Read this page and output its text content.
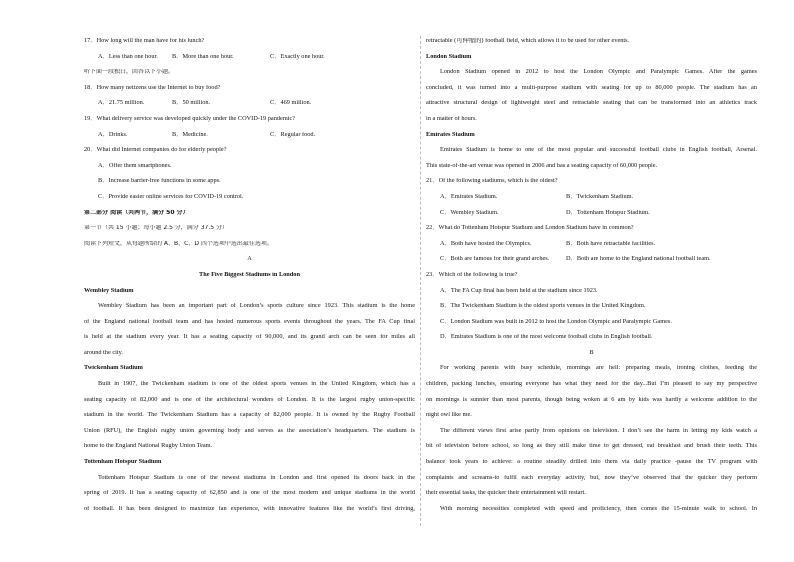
17．How long will the man have for his lunch?
A．Less than one hour.	B．More than one hour.	C．Exactly one hour.
听下面一段独白，回答以下小题。
18．How many netizens use the Internet to buy food?
A．21.75 million.	B．50 million.	C．469 million.
19．What delivery service was developed quickly under the COVID-19 pandemic?
A．Drinks.	B．Medicine.	C．Regular food.
20．What did Internet companies do for elderly people?
A．Offer them smartphones.
B．Increase barrier-free functions in some apps.
C．Provide easier online services for COVID-19 control.
第二部分 阅读（共两节，满分 50 分）
第一节（共 15 小题；每小题 2.5 分，满分 37.5 分）
阅读下列短文，从每题所给的 A、B、C、D 四个选项中选出最佳选项。
A
The Five Biggest Stadiums in London
Wembley Stadium
Wembley Stadium has been an important part of London’s sports culture since 1923. This stadium is the home
of the England national football team and has hosted numerous sports events throughout the years. The FA Cup final
is held at the stadium every year. It has a seating capacity of 90,000, and its grand arch can be seen for miles all
around the city.
Twickenham Stadium
Built in 1907, the Twickenham stadium is one of the oldest sports venues in the United Kingdom, which has a
seating capacity of 82,000 and is one of the architectural wonders of London. It is the largest rugby union-specific
stadium in the world. The Twickenham Stadium has a capacity of 82,000 people. It is owned by the Rugby Football
Union (RFU), the English rugby union governing body and serves as the association’s headquarters. The stadium is
home to the England National Rugby Union Team.
Tottenham Hotspur Stadium
Tottenham Hotspur Stadium is one of the newest stadiums in London and first opened its doors back in the
spring of 2019. It has a seating capacity of 62,850 and is one of the most modern and unique stadiums in the world
of football. It has been designed to maximize fan experience, with innovative features like the world’s first driving,
retractable (可伸缩的) football field, which allows it to be used for other events.
London Stadium
London Stadium opened in 2012 to host the London Olympic and Paralympic Games. After the games
concluded, it was turned into a multi-purpose stadium with seating for up to 80,000 people. The stadium has an
attractive structural design of lightweight steel and retractable seating that can be transformed into an athletics track
in a matter of hours.
Emirates Stadium
Emirates Stadium is home to one of the most popular and successful football clubs in English football, Arsenal.
This state-of-the-art venue was opened in 2006 and has a seating capacity of 60,000 people.
21．Of the following stadiums, which is the oldest?
A．Emirates Stadium.	B．Twickenham Stadium.
C．Wembley Stadium.	D．Tottenham Hotspur Stadium.
22．What do Tottenham Hotspur Stadium and London Stadium have in common?
A．Both have hosted the Olympics.	B．Both have retractable facilities.
C．Both are famous for their grand arches.	D．Both are home to the England national football team.
23．Which of the following is true?
A．The FA Cup final has been held at the stadium since 1923.
B．The Twickenham Stadium is the oldest sports venues in the United Kingdom.
C．London Stadium was built in 2012 to host the London Olympic and Paralympic Games.
D．Emirates Stadium is one of the most welcome football clubs in English football.
B
For working parents with busy schedule, mornings are hell: preparing meals, ironing clothes, feeding the
children, packing lunches, ensuring everyone has what they need for the day...But I’m pleased to say my perspective
on mornings is sunnier than most parents, though being woken at 6 am by kids was hardly a welcome addition to the
night owl like me.
The different views first arise partly from opinions on television. I don’t see the harm in letting my kids watch a
bit of television before school, so long as they still make time to get dressed, eat breakfast and brush their teeth. This
balance took years to achieve: a routine steadily drilled into them via daily practice -pause the TV program with
complaints and screams-to fulfil each everyday activity, but, now they’ve observed that the quicker they perform
their essential tasks, the quicker their entertainment will restart.
With morning necessities completed with speed and proficiency, then comes the 15-minute walk to school. In
